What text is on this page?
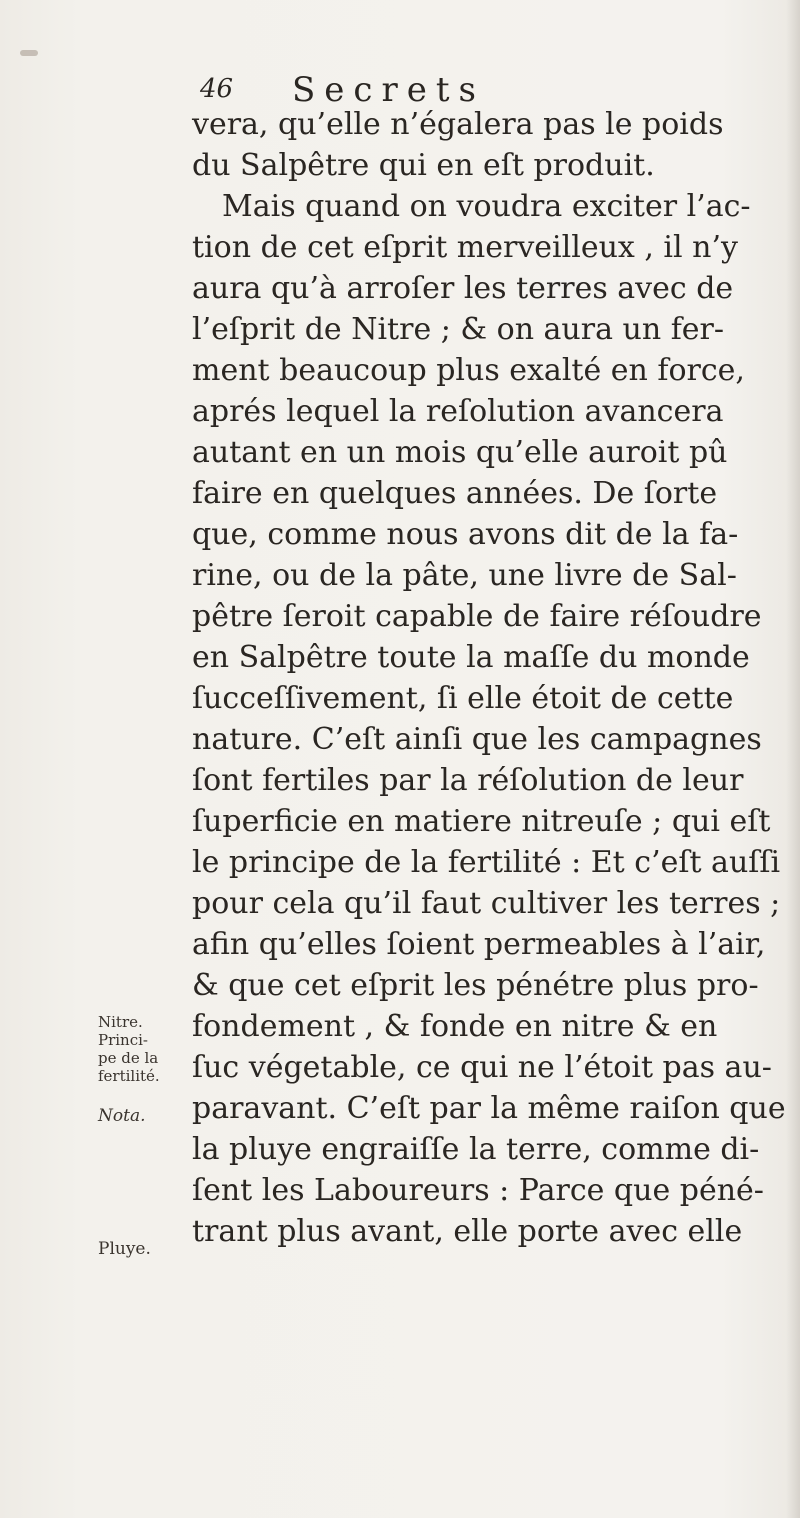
46 Secrets
Nitre.
Princi-
pe de la
fertilité.
Nota.
Pluye.
vera, qu’elle n’égalera pas le poids
du Salpêtre qui en eſt produit.
Mais quand on voudra exciter l’ac-
tion de cet eſprit merveilleux , il n’y
aura qu’à arroſer les terres avec de
l’eſprit de Nitre ; & on aura un fer-
ment beaucoup plus exalté en force,
aprés lequel la reſolution avancera
autant en un mois qu’elle auroit pû
faire en quelques années. De ſorte
que, comme nous avons dit de la fa-
rine, ou de la pâte, une livre de Sal-
pêtre ſeroit capable de faire réſoudre
en Salpêtre toute la maſſe du monde
ſucceſſivement, ſi elle étoit de cette
nature. C’eſt ainſi que les campagnes
ſont fertiles par la réſolution de leur
ſuperficie en matiere nitreuſe ; qui eſt
le principe de la fertilité : Et c’eſt auſſi
pour cela qu’il faut cultiver les terres ;
afin qu’elles ſoient permeables à l’air,
& que cet eſprit les pénétre plus pro-
fondement , & fonde en nitre & en
ſuc végetable, ce qui ne l’étoit pas au-
paravant. C’eſt par la même raiſon que
la pluye engraiſſe la terre, comme di-
ſent les Laboureurs : Parce que péné-
trant plus avant, elle porte avec elle
